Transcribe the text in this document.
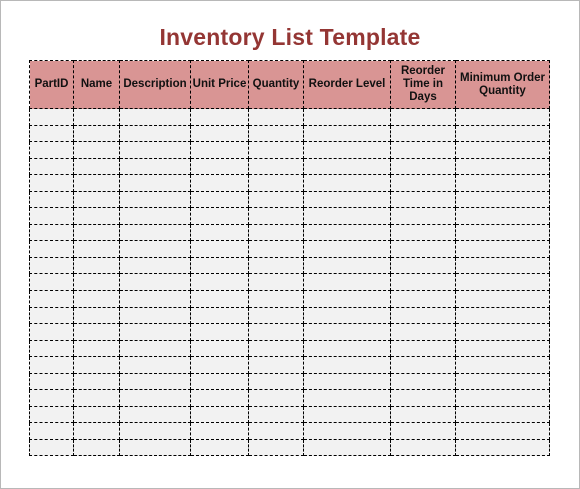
Inventory List Template
PartID	Name	Description	Unit Price	Quantity	Reorder Level	Reorder Time in Days	Minimum Order Quantity
